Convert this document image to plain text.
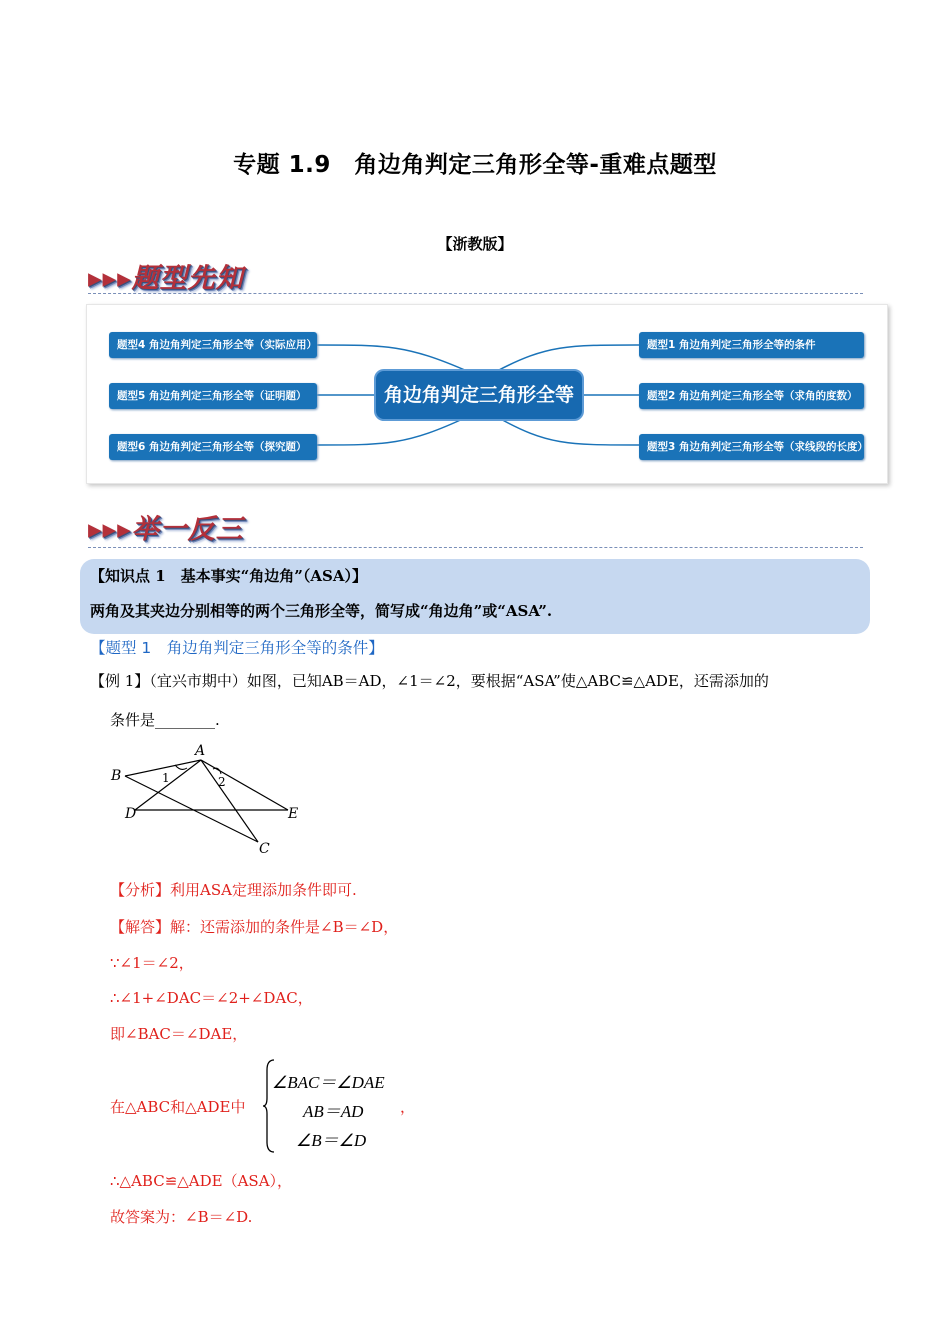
专题 1.9　角边角判定三角形全等-重难点题型
【浙教版】
▸▸▸题型先知
题型4 角边角判定三角形全等（实际应用）
题型5 角边角判定三角形全等（证明题）
题型6 角边角判定三角形全等（探究题）
角边角判定三角形全等
题型1 角边角判定三角形全等的条件
题型2 角边角判定三角形全等（求角的度数）
题型3 角边角判定三角形全等（求线段的长度）
▸▸▸举一反三
【知识点 1　基本事实“角边角”（ASA）】
两角及其夹边分别相等的两个三角形全等，简写成“角边角”或“ASA”.
【题型 1　角边角判定三角形全等的条件】
【例 1】（宜兴市期中）如图，已知AB＝AD，∠1＝∠2，要根据“ASA”使△ABC≌△ADE，还需添加的
条件是________.
A
B
D	E
C
1	2
【分析】利用ASA定理添加条件即可.
【解答】解：还需添加的条件是∠B＝∠D，
∵∠1＝∠2，
∴∠1+∠DAC＝∠2+∠DAC，
即∠BAC＝∠DAE，
在△ABC和△ADE中
∠BAC＝∠DAE
AB＝AD
∠B＝∠D
，
∴△ABC≌△ADE（ASA），
故答案为：∠B＝∠D.
